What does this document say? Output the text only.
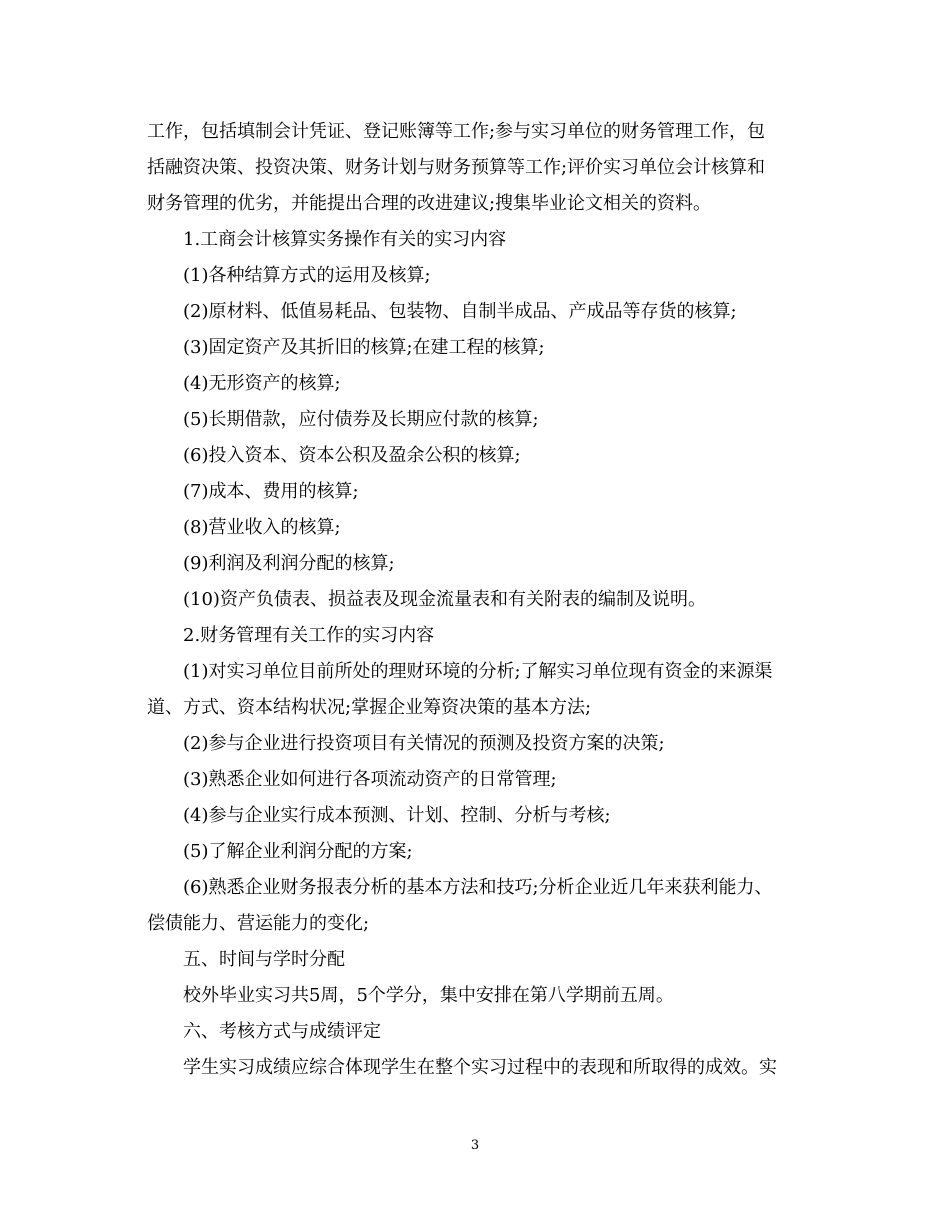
工作，包括填制会计凭证、登记账簿等工作;参与实习单位的财务管理工作，包
括融资决策、投资决策、财务计划与财务预算等工作;评价实习单位会计核算和
财务管理的优劣，并能提出合理的改进建议;搜集毕业论文相关的资料。
1.工商会计核算实务操作有关的实习内容
(1)各种结算方式的运用及核算;
(2)原材料、低值易耗品、包装物、自制半成品、产成品等存货的核算;
(3)固定资产及其折旧的核算;在建工程的核算;
(4)无形资产的核算;
(5)长期借款，应付债券及长期应付款的核算;
(6)投入资本、资本公积及盈余公积的核算;
(7)成本、费用的核算;
(8)营业收入的核算;
(9)利润及利润分配的核算;
(10)资产负债表、损益表及现金流量表和有关附表的编制及说明。
2.财务管理有关工作的实习内容
(1)对实习单位目前所处的理财环境的分析;了解实习单位现有资金的来源渠
道、方式、资本结构状况;掌握企业筹资决策的基本方法;
(2)参与企业进行投资项目有关情况的预测及投资方案的决策;
(3)熟悉企业如何进行各项流动资产的日常管理;
(4)参与企业实行成本预测、计划、控制、分析与考核;
(5)了解企业利润分配的方案;
(6)熟悉企业财务报表分析的基本方法和技巧;分析企业近几年来获利能力、
偿债能力、营运能力的变化;
五、时间与学时分配
校外毕业实习共5周，5个学分，集中安排在第八学期前五周。
六、考核方式与成绩评定
学生实习成绩应综合体现学生在整个实习过程中的表现和所取得的成效。实
3
